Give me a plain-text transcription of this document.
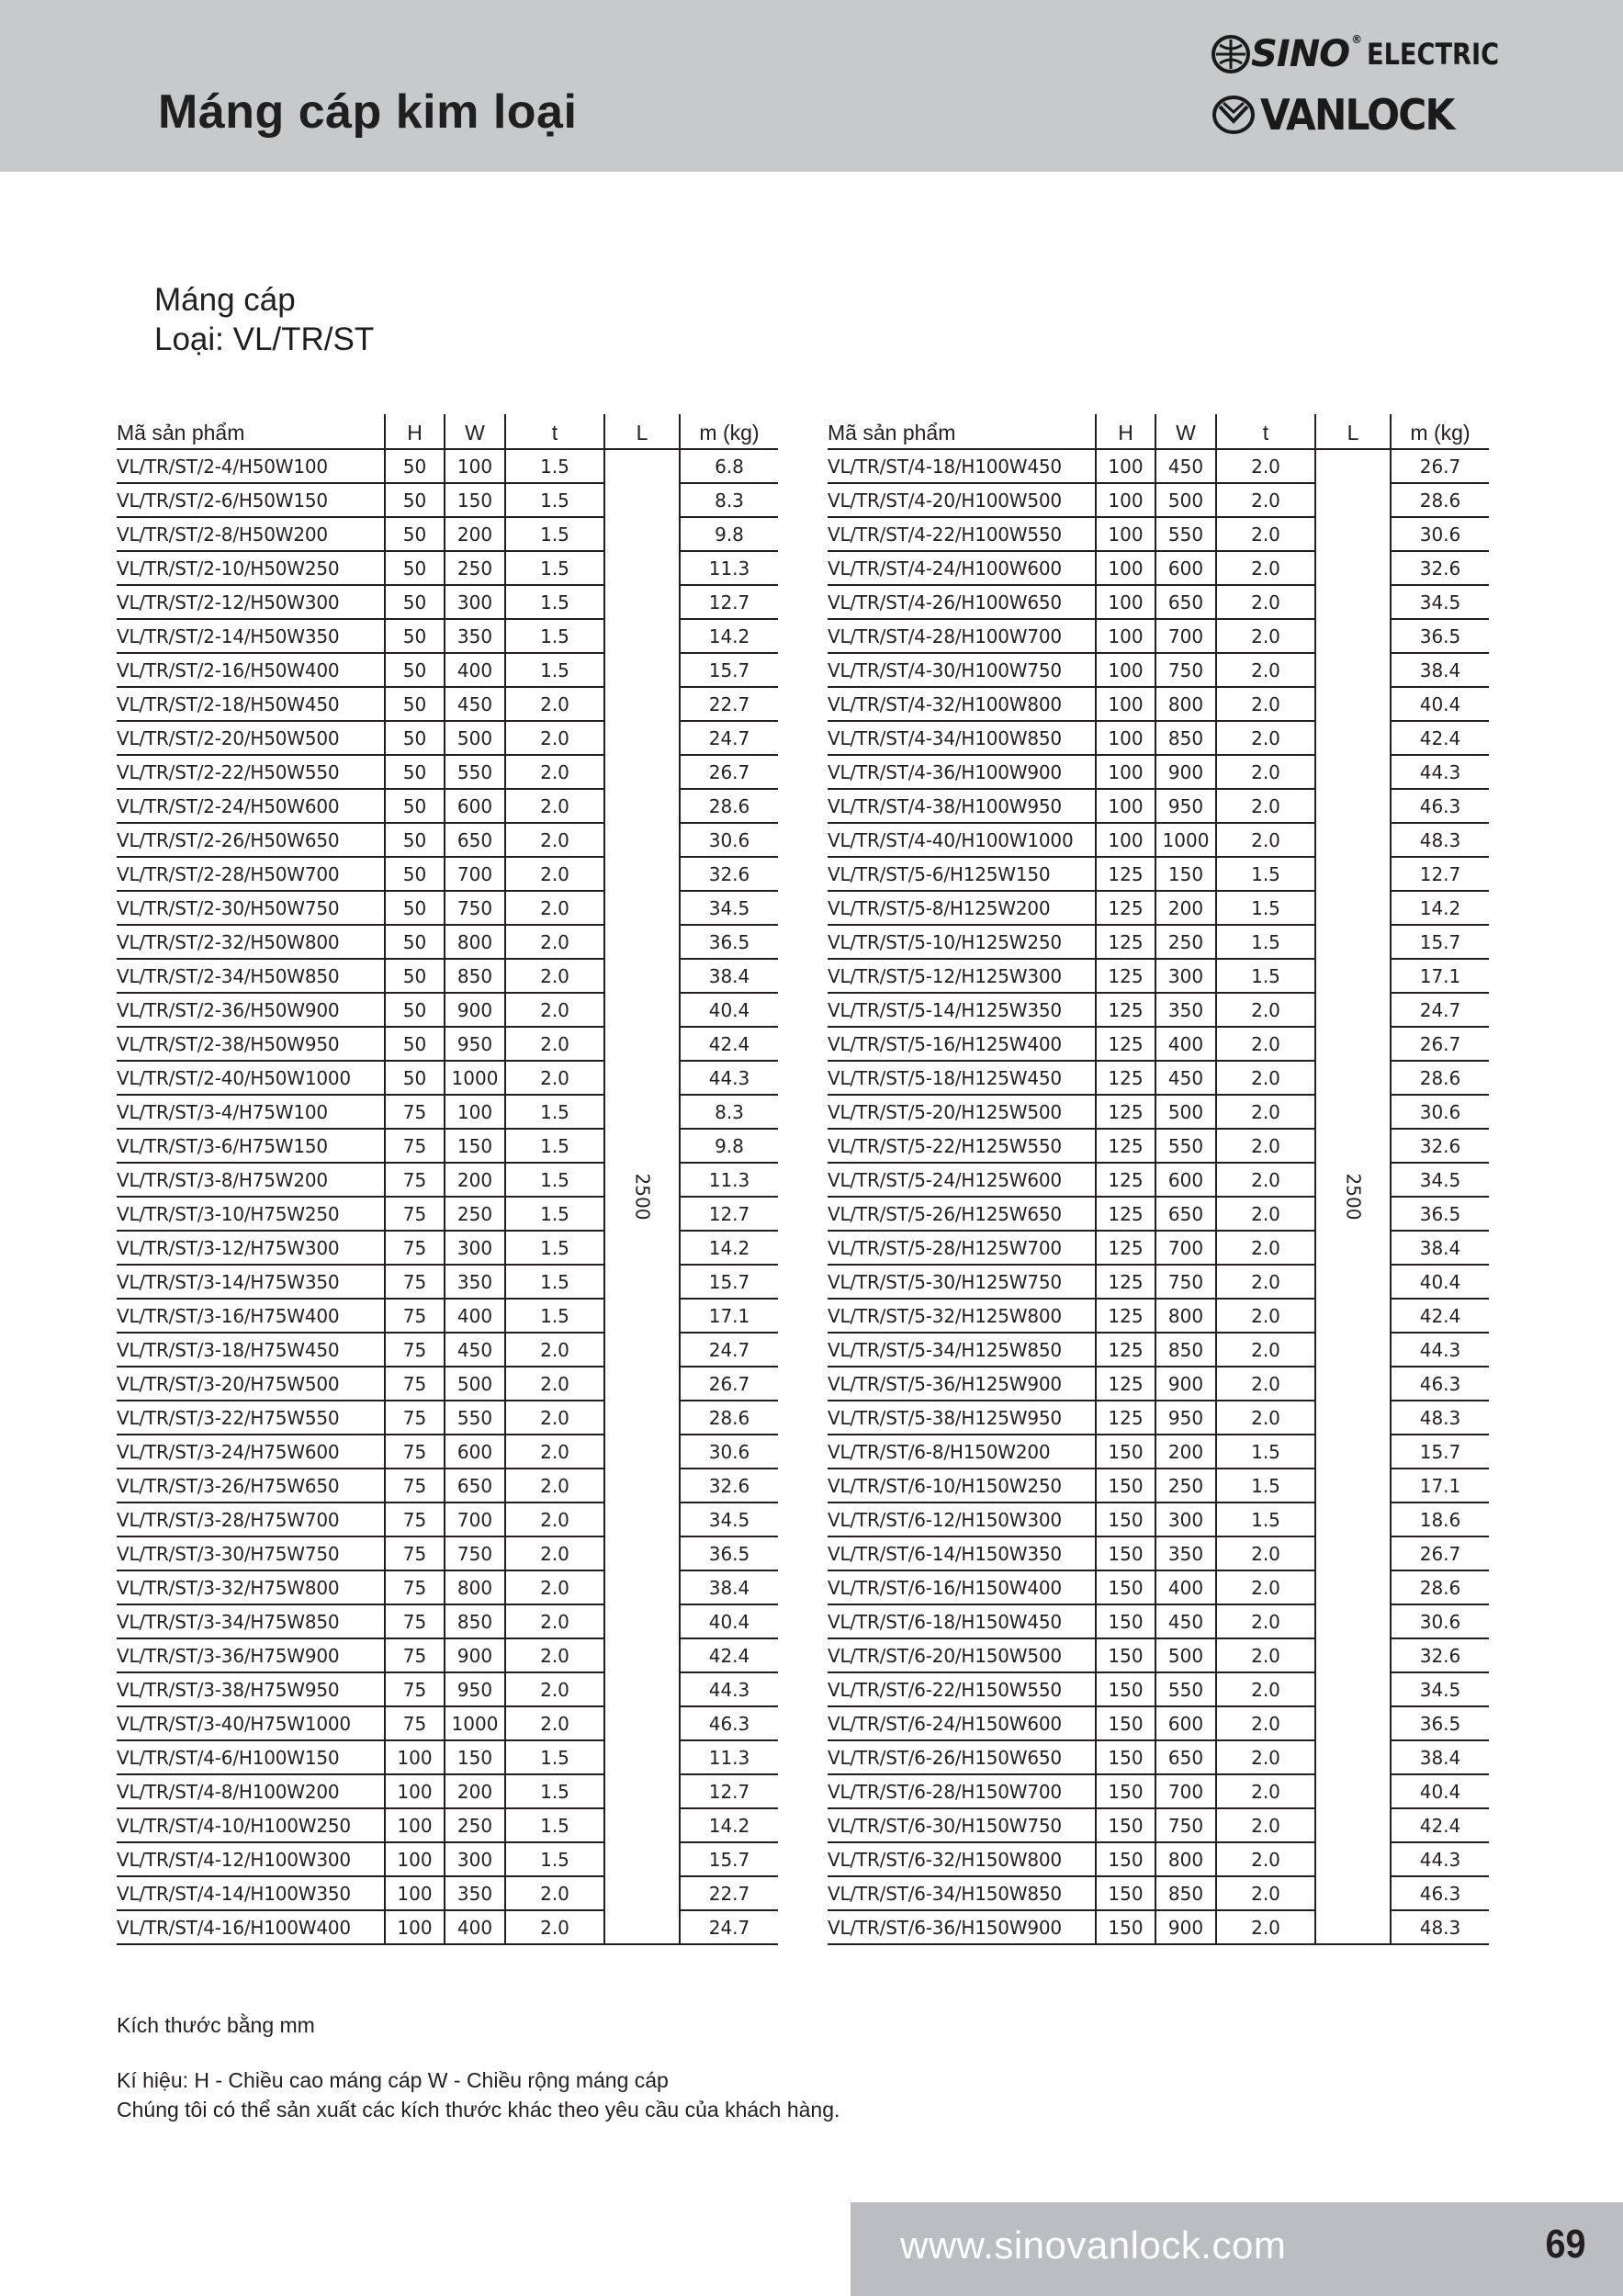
Máng cáp kim loại
SINO ® ELECTRIC
VANLOCK
Máng cáp
Loại: VL/TR/ST
Mã sản phẩm	H	W	t	L	m (kg)
VL/TR/ST/2-4/H50W100	50	100	1.5	2500	6.8
VL/TR/ST/2-6/H50W150	50	150	1.5		8.3
VL/TR/ST/2-8/H50W200	50	200	1.5		9.8
VL/TR/ST/2-10/H50W250	50	250	1.5		11.3
VL/TR/ST/2-12/H50W300	50	300	1.5		12.7
VL/TR/ST/2-14/H50W350	50	350	1.5		14.2
VL/TR/ST/2-16/H50W400	50	400	1.5		15.7
VL/TR/ST/2-18/H50W450	50	450	2.0		22.7
VL/TR/ST/2-20/H50W500	50	500	2.0		24.7
VL/TR/ST/2-22/H50W550	50	550	2.0		26.7
VL/TR/ST/2-24/H50W600	50	600	2.0		28.6
VL/TR/ST/2-26/H50W650	50	650	2.0		30.6
VL/TR/ST/2-28/H50W700	50	700	2.0		32.6
VL/TR/ST/2-30/H50W750	50	750	2.0		34.5
VL/TR/ST/2-32/H50W800	50	800	2.0		36.5
VL/TR/ST/2-34/H50W850	50	850	2.0		38.4
VL/TR/ST/2-36/H50W900	50	900	2.0		40.4
VL/TR/ST/2-38/H50W950	50	950	2.0		42.4
VL/TR/ST/2-40/H50W1000	50	1000	2.0		44.3
VL/TR/ST/3-4/H75W100	75	100	1.5		8.3
VL/TR/ST/3-6/H75W150	75	150	1.5		9.8
VL/TR/ST/3-8/H75W200	75	200	1.5		11.3
VL/TR/ST/3-10/H75W250	75	250	1.5		12.7
VL/TR/ST/3-12/H75W300	75	300	1.5		14.2
VL/TR/ST/3-14/H75W350	75	350	1.5		15.7
VL/TR/ST/3-16/H75W400	75	400	1.5		17.1
VL/TR/ST/3-18/H75W450	75	450	2.0		24.7
VL/TR/ST/3-20/H75W500	75	500	2.0		26.7
VL/TR/ST/3-22/H75W550	75	550	2.0		28.6
VL/TR/ST/3-24/H75W600	75	600	2.0		30.6
VL/TR/ST/3-26/H75W650	75	650	2.0		32.6
VL/TR/ST/3-28/H75W700	75	700	2.0		34.5
VL/TR/ST/3-30/H75W750	75	750	2.0		36.5
VL/TR/ST/3-32/H75W800	75	800	2.0		38.4
VL/TR/ST/3-34/H75W850	75	850	2.0		40.4
VL/TR/ST/3-36/H75W900	75	900	2.0		42.4
VL/TR/ST/3-38/H75W950	75	950	2.0		44.3
VL/TR/ST/3-40/H75W1000	75	1000	2.0		46.3
VL/TR/ST/4-6/H100W150	100	150	1.5		11.3
VL/TR/ST/4-8/H100W200	100	200	1.5		12.7
VL/TR/ST/4-10/H100W250	100	250	1.5		14.2
VL/TR/ST/4-12/H100W300	100	300	1.5		15.7
VL/TR/ST/4-14/H100W350	100	350	2.0		22.7
VL/TR/ST/4-16/H100W400	100	400	2.0		24.7
Mã sản phẩm	H	W	t	L	m (kg)
VL/TR/ST/4-18/H100W450	100	450	2.0	2500	26.7
VL/TR/ST/4-20/H100W500	100	500	2.0		28.6
VL/TR/ST/4-22/H100W550	100	550	2.0		30.6
VL/TR/ST/4-24/H100W600	100	600	2.0		32.6
VL/TR/ST/4-26/H100W650	100	650	2.0		34.5
VL/TR/ST/4-28/H100W700	100	700	2.0		36.5
VL/TR/ST/4-30/H100W750	100	750	2.0		38.4
VL/TR/ST/4-32/H100W800	100	800	2.0		40.4
VL/TR/ST/4-34/H100W850	100	850	2.0		42.4
VL/TR/ST/4-36/H100W900	100	900	2.0		44.3
VL/TR/ST/4-38/H100W950	100	950	2.0		46.3
VL/TR/ST/4-40/H100W1000	100	1000	2.0		48.3
VL/TR/ST/5-6/H125W150	125	150	1.5		12.7
VL/TR/ST/5-8/H125W200	125	200	1.5		14.2
VL/TR/ST/5-10/H125W250	125	250	1.5		15.7
VL/TR/ST/5-12/H125W300	125	300	1.5		17.1
VL/TR/ST/5-14/H125W350	125	350	2.0		24.7
VL/TR/ST/5-16/H125W400	125	400	2.0		26.7
VL/TR/ST/5-18/H125W450	125	450	2.0		28.6
VL/TR/ST/5-20/H125W500	125	500	2.0		30.6
VL/TR/ST/5-22/H125W550	125	550	2.0		32.6
VL/TR/ST/5-24/H125W600	125	600	2.0		34.5
VL/TR/ST/5-26/H125W650	125	650	2.0		36.5
VL/TR/ST/5-28/H125W700	125	700	2.0		38.4
VL/TR/ST/5-30/H125W750	125	750	2.0		40.4
VL/TR/ST/5-32/H125W800	125	800	2.0		42.4
VL/TR/ST/5-34/H125W850	125	850	2.0		44.3
VL/TR/ST/5-36/H125W900	125	900	2.0		46.3
VL/TR/ST/5-38/H125W950	125	950	2.0		48.3
VL/TR/ST/6-8/H150W200	150	200	1.5		15.7
VL/TR/ST/6-10/H150W250	150	250	1.5		17.1
VL/TR/ST/6-12/H150W300	150	300	1.5		18.6
VL/TR/ST/6-14/H150W350	150	350	2.0		26.7
VL/TR/ST/6-16/H150W400	150	400	2.0		28.6
VL/TR/ST/6-18/H150W450	150	450	2.0		30.6
VL/TR/ST/6-20/H150W500	150	500	2.0		32.6
VL/TR/ST/6-22/H150W550	150	550	2.0		34.5
VL/TR/ST/6-24/H150W600	150	600	2.0		36.5
VL/TR/ST/6-26/H150W650	150	650	2.0		38.4
VL/TR/ST/6-28/H150W700	150	700	2.0		40.4
VL/TR/ST/6-30/H150W750	150	750	2.0		42.4
VL/TR/ST/6-32/H150W800	150	800	2.0		44.3
VL/TR/ST/6-34/H150W850	150	850	2.0		46.3
VL/TR/ST/6-36/H150W900	150	900	2.0		48.3
Kích thước bằng mm
Kí hiệu: H - Chiều cao máng cáp W - Chiều rộng máng cáp
Chúng tôi có thể sản xuất các kích thước khác theo yêu cầu của khách hàng.
www.sinovanlock.com	69
